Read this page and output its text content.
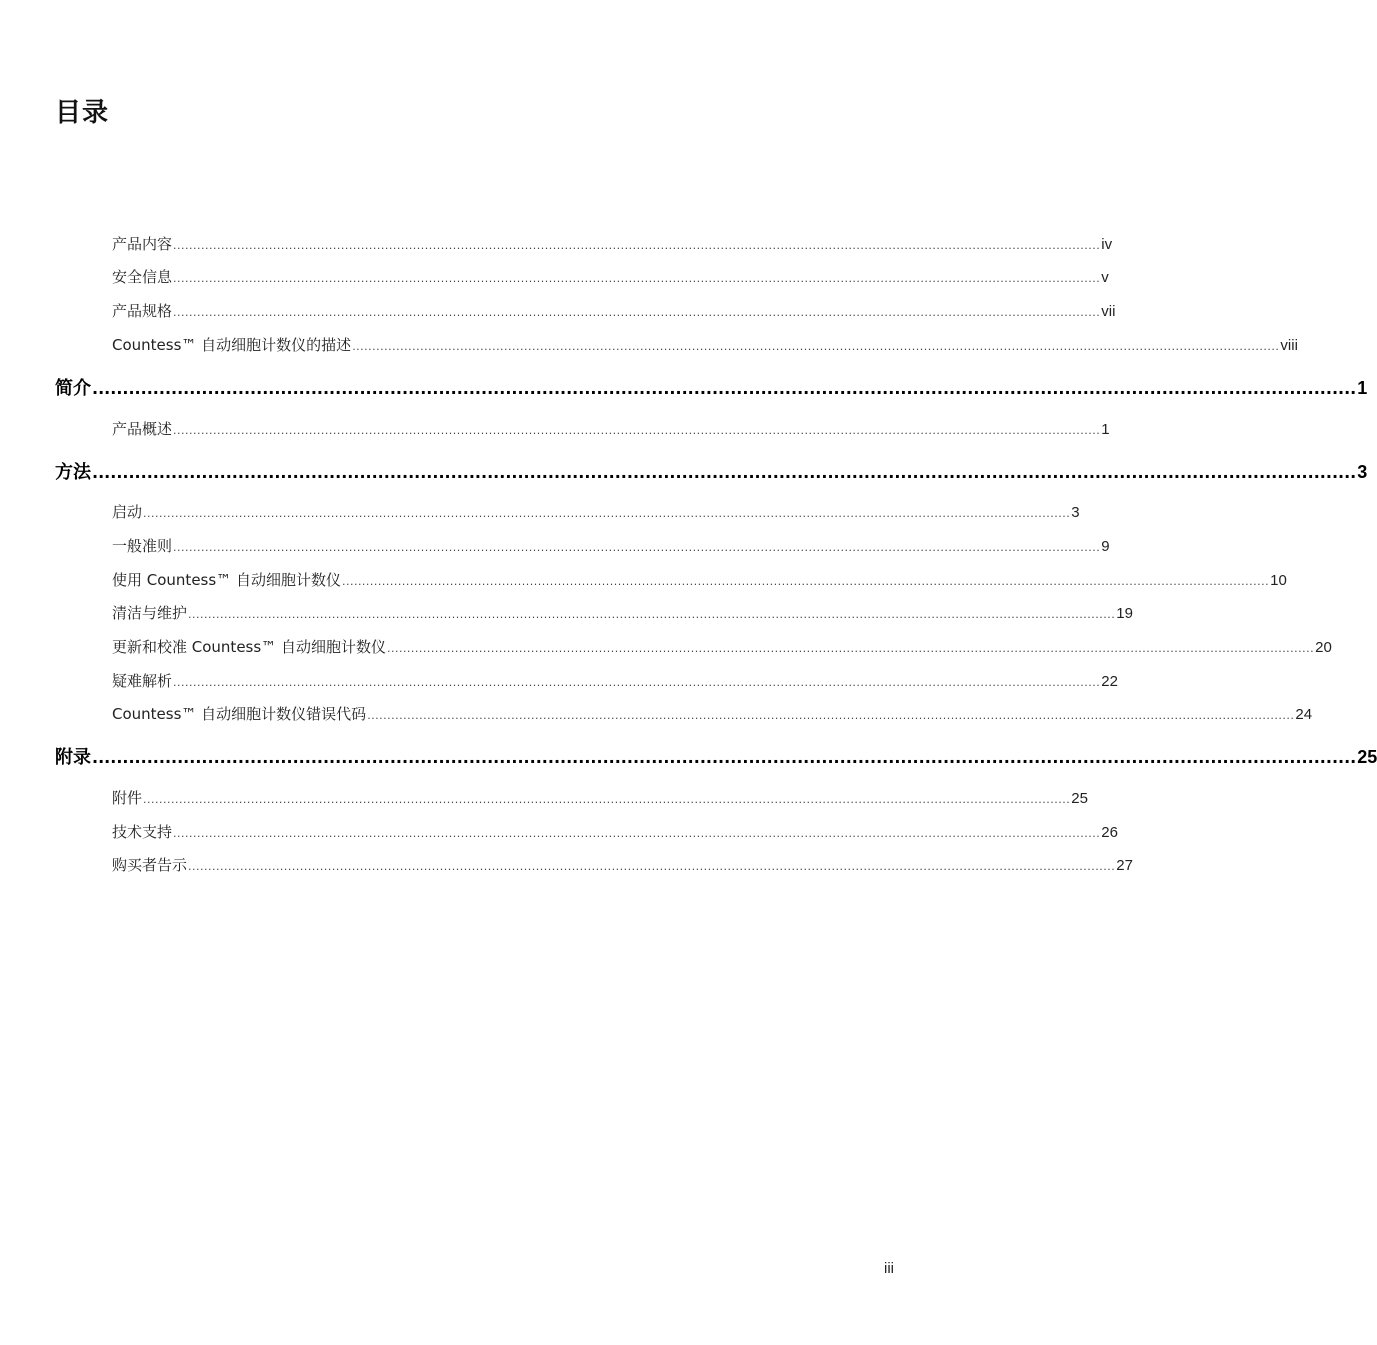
目录
产品内容 ........................................................................................................................................................................................................................................ iv
安全信息 ........................................................................................................................................................................................................................................ v
产品规格 ........................................................................................................................................................................................................................................ vii
Countess™ 自动细胞计数仪的描述 ........................................................................................................................................................................................................................................ viii
简介 ................................................................................................................................................................................................................ 1
产品概述 ........................................................................................................................................................................................................................................ 1
方法 ................................................................................................................................................................................................................ 3
启动 ........................................................................................................................................................................................................................................ 3
一般准则 ........................................................................................................................................................................................................................................ 9
使用 Countess™ 自动细胞计数仪 ........................................................................................................................................................................................................................................ 10
清洁与维护 ........................................................................................................................................................................................................................................ 19
更新和校准 Countess™ 自动细胞计数仪 ........................................................................................................................................................................................................................................ 20
疑难解析 ........................................................................................................................................................................................................................................ 22
Countess™ 自动细胞计数仪错误代码 ........................................................................................................................................................................................................................................ 24
附录 ................................................................................................................................................................................................................ 25
附件 ........................................................................................................................................................................................................................................ 25
技术支持 ........................................................................................................................................................................................................................................ 26
购买者告示 ........................................................................................................................................................................................................................................ 27
iii
